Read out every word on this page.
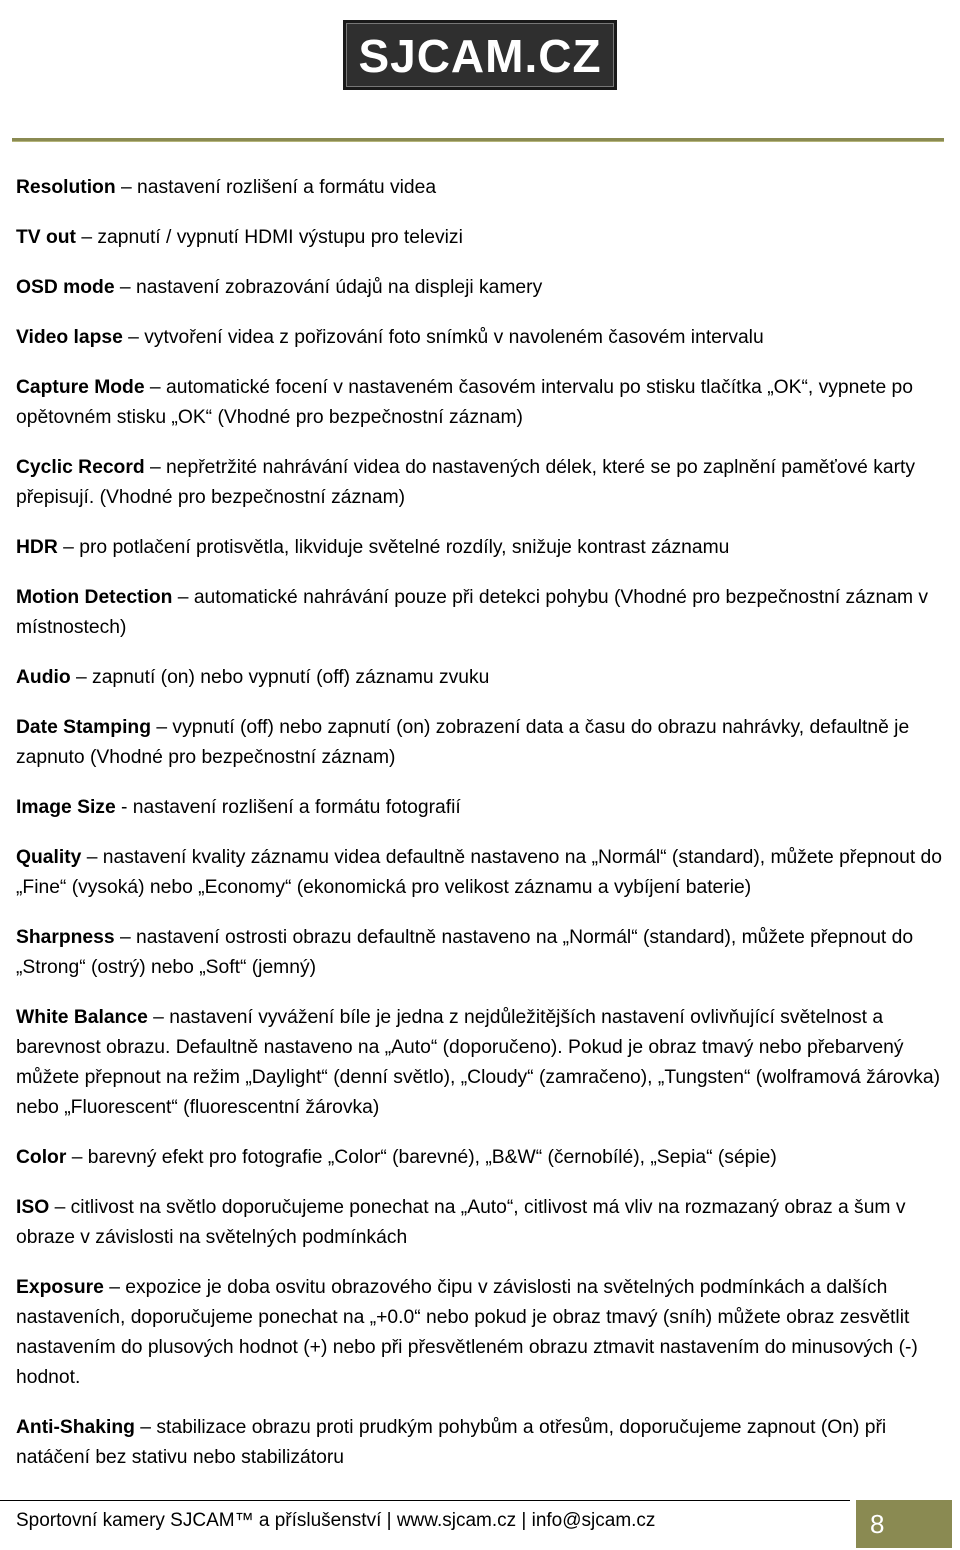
SJCAM.CZ

Resolution – nastavení rozlišení a formátu videa

TV out – zapnutí / vypnutí HDMI výstupu pro televizi

OSD mode – nastavení zobrazování údajů na displeji kamery

Video lapse – vytvoření videa z pořizování foto snímků v navoleném časovém intervalu

Capture Mode – automatické focení v nastaveném časovém intervalu po stisku tlačítka „OK“, vypnete po opětovném stisku „OK“ (Vhodné pro bezpečnostní záznam)

Cyclic Record – nepřetržité nahrávání videa do nastavených délek, které se po zaplnění paměťové karty přepisují. (Vhodné pro bezpečnostní záznam)

HDR – pro potlačení protisvětla, likviduje světelné rozdíly, snižuje kontrast záznamu

Motion Detection – automatické nahrávání pouze při detekci pohybu (Vhodné pro bezpečnostní záznam v místnostech)

Audio – zapnutí (on) nebo vypnutí (off) záznamu zvuku

Date Stamping – vypnutí (off) nebo zapnutí (on) zobrazení data a času do obrazu nahrávky, defaultně je zapnuto (Vhodné pro bezpečnostní záznam)

Image Size - nastavení rozlišení a formátu fotografií

Quality – nastavení kvality záznamu videa defaultně nastaveno na „Normál“ (standard), můžete přepnout do „Fine“ (vysoká) nebo „Economy“ (ekonomická pro velikost záznamu a vybíjení baterie)

Sharpness – nastavení ostrosti obrazu defaultně nastaveno na „Normál“ (standard), můžete přepnout do „Strong“ (ostrý) nebo „Soft“ (jemný)

White Balance – nastavení vyvážení bíle je jedna z nejdůležitějších nastavení ovlivňující světelnost a barevnost obrazu. Defaultně nastaveno na „Auto“ (doporučeno). Pokud je obraz tmavý nebo přebarvený můžete přepnout na režim „Daylight“ (denní světlo), „Cloudy“ (zamračeno), „Tungsten“ (wolframová žárovka) nebo „Fluorescent“ (fluorescentní žárovka)

Color – barevný efekt pro fotografie „Color“ (barevné), „B&W“ (černobílé), „Sepia“ (sépie)

ISO – citlivost na světlo doporučujeme ponechat na „Auto“, citlivost má vliv na rozmazaný obraz a šum v obraze v závislosti na světelných podmínkách

Exposure – expozice je doba osvitu obrazového čipu v závislosti na světelných podmínkách a dalších nastaveních, doporučujeme ponechat na „+0.0“ nebo pokud je obraz tmavý (sníh) můžete obraz zesvětlit nastavením do plusových hodnot (+) nebo při přesvětleném obrazu ztmavit nastavením do minusových (-) hodnot.

Anti-Shaking – stabilizace obrazu proti prudkým pohybům a otřesům, doporučujeme zapnout (On) při natáčení bez stativu nebo stabilizátoru

Sportovní kamery SJCAM™ a příslušenství | www.sjcam.cz | info@sjcam.cz	8
